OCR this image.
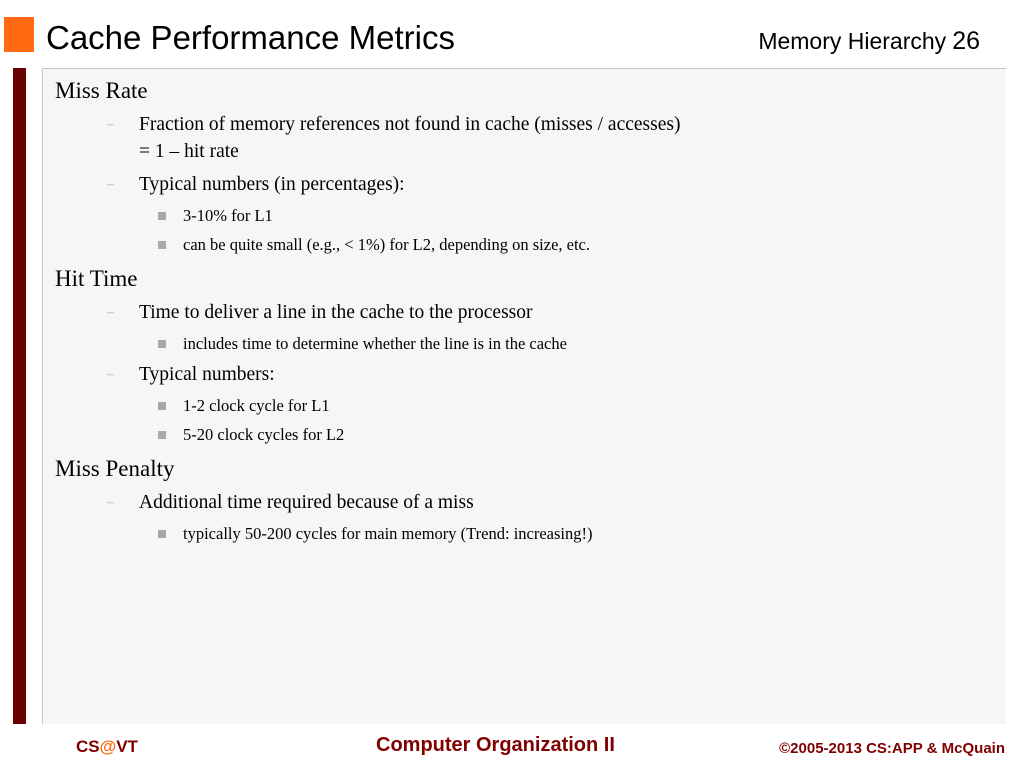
Cache Performance Metrics	Memory Hierarchy 26
Miss Rate
– Fraction of memory references not found in cache (misses / accesses)
= 1 – hit rate
– Typical numbers (in percentages):
3-10% for L1
can be quite small (e.g., < 1%) for L2, depending on size, etc.
Hit Time
– Time to deliver a line in the cache to the processor
includes time to determine whether the line is in the cache
– Typical numbers:
1-2 clock cycle for L1
5-20 clock cycles for L2
Miss Penalty
– Additional time required because of a miss
typically 50-200 cycles for main memory (Trend: increasing!)
CS@VT	Computer Organization II	©2005-2013 CS:APP & McQuain
